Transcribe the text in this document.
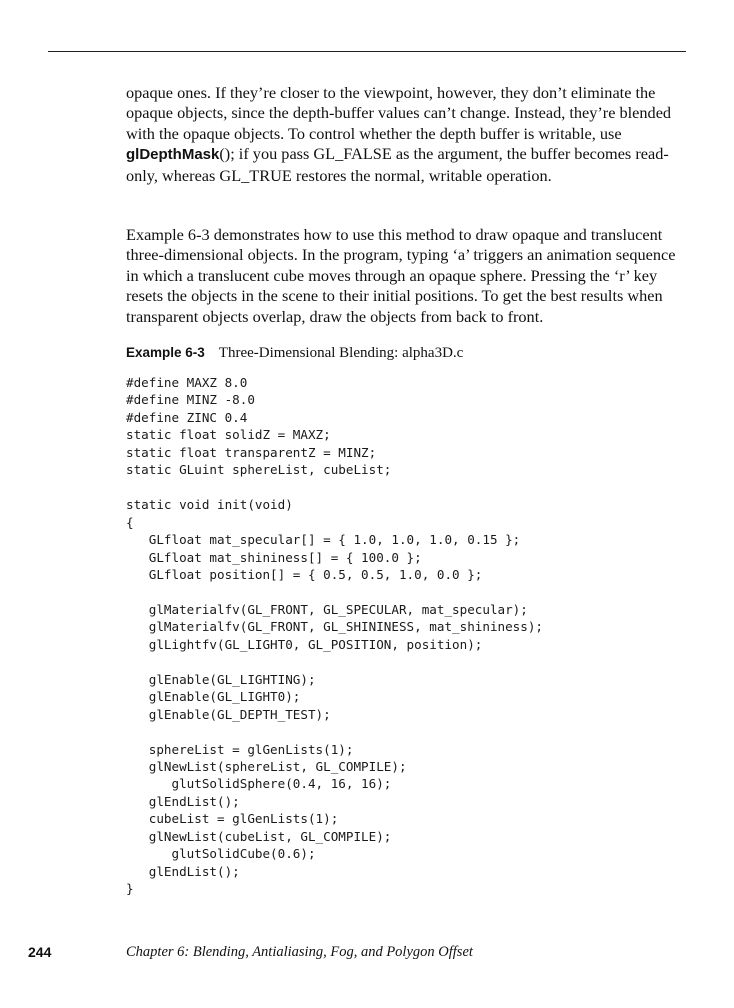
opaque ones. If they’re closer to the viewpoint, however, they don’t eliminate the opaque objects, since the depth-buffer values can’t change. Instead, they’re blended with the opaque objects. To control whether the depth buffer is writable, use glDepthMask(); if you pass GL_FALSE as the argument, the buffer becomes read-only, whereas GL_TRUE restores the normal, writable operation.

Example 6-3 demonstrates how to use this method to draw opaque and translucent three-dimensional objects. In the program, typing ‘a’ triggers an animation sequence in which a translucent cube moves through an opaque sphere. Pressing the ‘r’ key resets the objects in the scene to their initial positions. To get the best results when transparent objects overlap, draw the objects from back to front.

Example 6-3 Three-Dimensional Blending: alpha3D.c
#define MAXZ 8.0
#define MINZ -8.0
#define ZINC 0.4
static float solidZ = MAXZ;
static float transparentZ = MINZ;
static GLuint sphereList, cubeList;

static void init(void)
{
GLfloat mat_specular[] = { 1.0, 1.0, 1.0, 0.15 };
GLfloat mat_shininess[] = { 100.0 };
GLfloat position[] = { 0.5, 0.5, 1.0, 0.0 };

glMaterialfv(GL_FRONT, GL_SPECULAR, mat_specular);
glMaterialfv(GL_FRONT, GL_SHININESS, mat_shininess);
glLightfv(GL_LIGHT0, GL_POSITION, position);

glEnable(GL_LIGHTING);
glEnable(GL_LIGHT0);
glEnable(GL_DEPTH_TEST);

sphereList = glGenLists(1);
glNewList(sphereList, GL_COMPILE);
glutSolidSphere(0.4, 16, 16);
glEndList();
cubeList = glGenLists(1);
glNewList(cubeList, GL_COMPILE);
glutSolidCube(0.6);
glEndList();
}
244	Chapter 6: Blending, Antialiasing, Fog, and Polygon Offset
